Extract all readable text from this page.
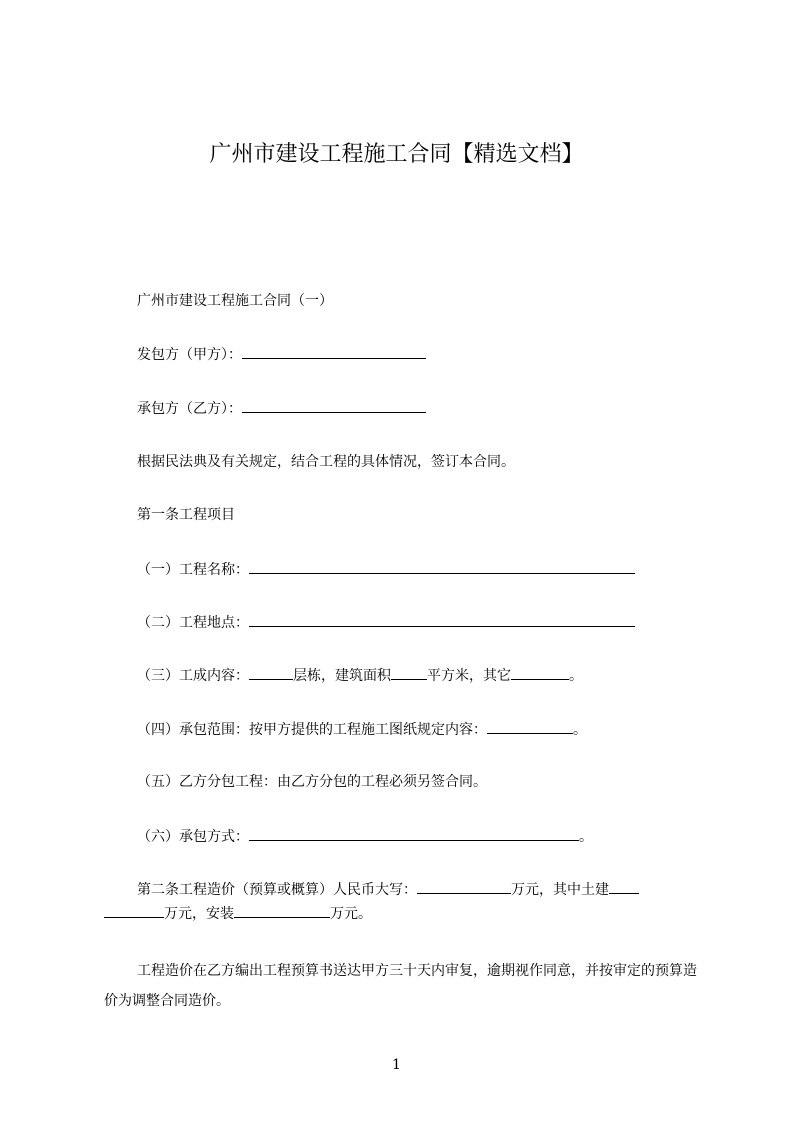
广州市建设工程施工合同【精选文档】
广州市建设工程施工合同（一）
发包方（甲方）：
承包方（乙方）：
根据民法典及有关规定，结合工程的具体情况，签订本合同。
第一条工程项目
（一）工程名称：
（二）工程地点：
（三）工成内容：	层栋，建筑面积	平方米，其它	。
（四）承包范围：按甲方提供的工程施工图纸规定内容：	。
（五）乙方分包工程：由乙方分包的工程必须另签合同。
（六）承包方式：	。
第二条工程造价（预算或概算）人民币大写：	万元，其中土建
万元，安装	万元。
工程造价在乙方编出工程预算书送达甲方三十天内审复，逾期视作同意，并按审定的预算造价为调整合同造价。
1
